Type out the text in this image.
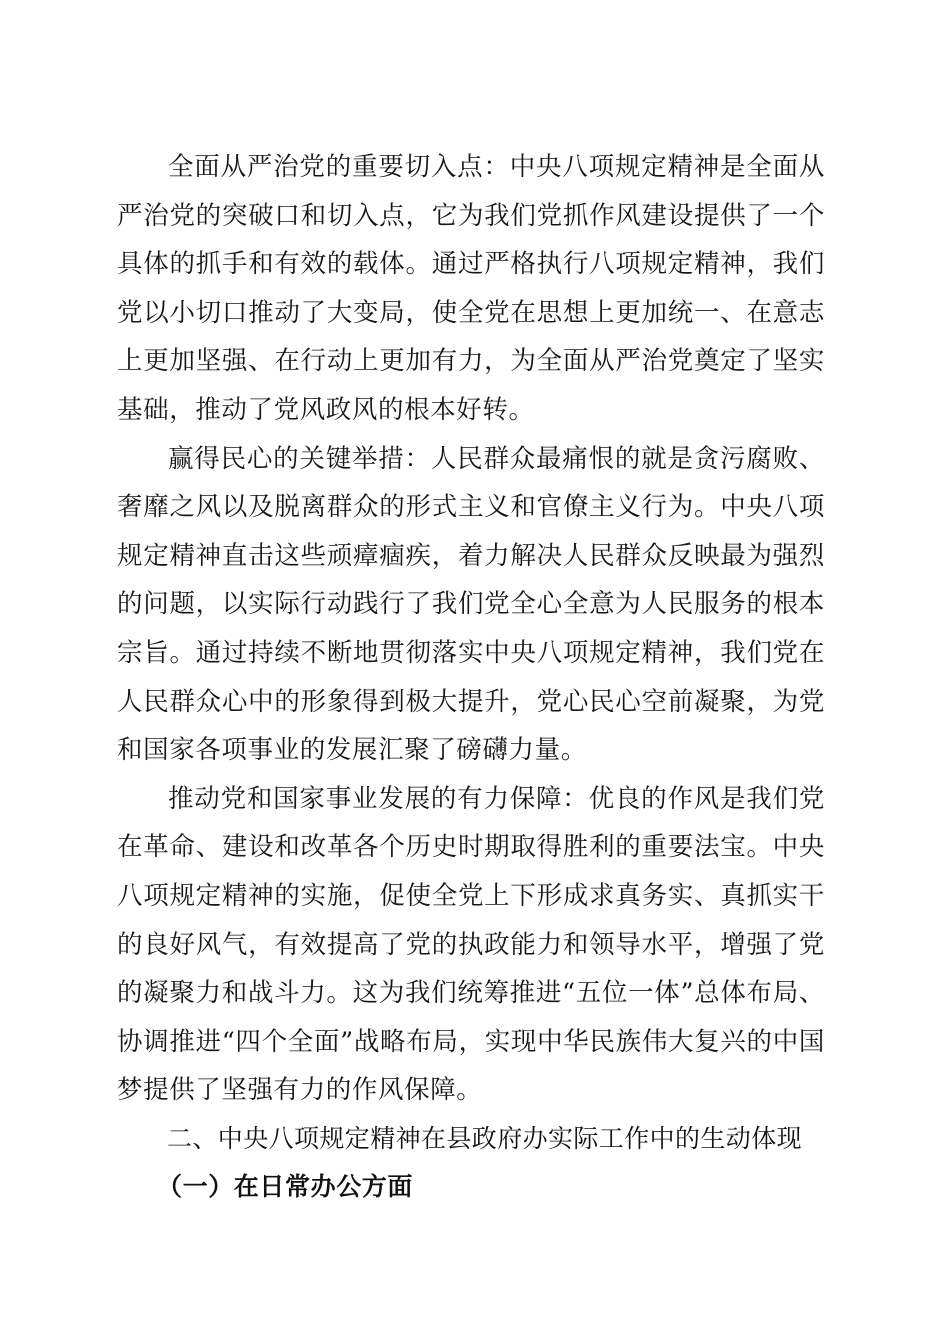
全面从严治党的重要切入点：中央八项规定精神是全面从严治党的突破口和切入点，它为我们党抓作风建设提供了一个具体的抓手和有效的载体。通过严格执行八项规定精神，我们党以小切口推动了大变局，使全党在思想上更加统一、在意志上更加坚强、在行动上更加有力，为全面从严治党奠定了坚实基础，推动了党风政风的根本好转。

赢得民心的关键举措：人民群众最痛恨的就是贪污腐败、奢靡之风以及脱离群众的形式主义和官僚主义行为。中央八项规定精神直击这些顽瘴痼疾，着力解决人民群众反映最为强烈的问题，以实际行动践行了我们党全心全意为人民服务的根本宗旨。通过持续不断地贯彻落实中央八项规定精神，我们党在人民群众心中的形象得到极大提升，党心民心空前凝聚，为党和国家各项事业的发展汇聚了磅礴力量。

推动党和国家事业发展的有力保障：优良的作风是我们党在革命、建设和改革各个历史时期取得胜利的重要法宝。中央八项规定精神的实施，促使全党上下形成求真务实、真抓实干的良好风气，有效提高了党的执政能力和领导水平，增强了党的凝聚力和战斗力。这为我们统筹推进“五位一体”总体布局、协调推进“四个全面”战略布局，实现中华民族伟大复兴的中国梦提供了坚强有力的作风保障。

二、中央八项规定精神在县政府办实际工作中的生动体现

（一）在日常办公方面
